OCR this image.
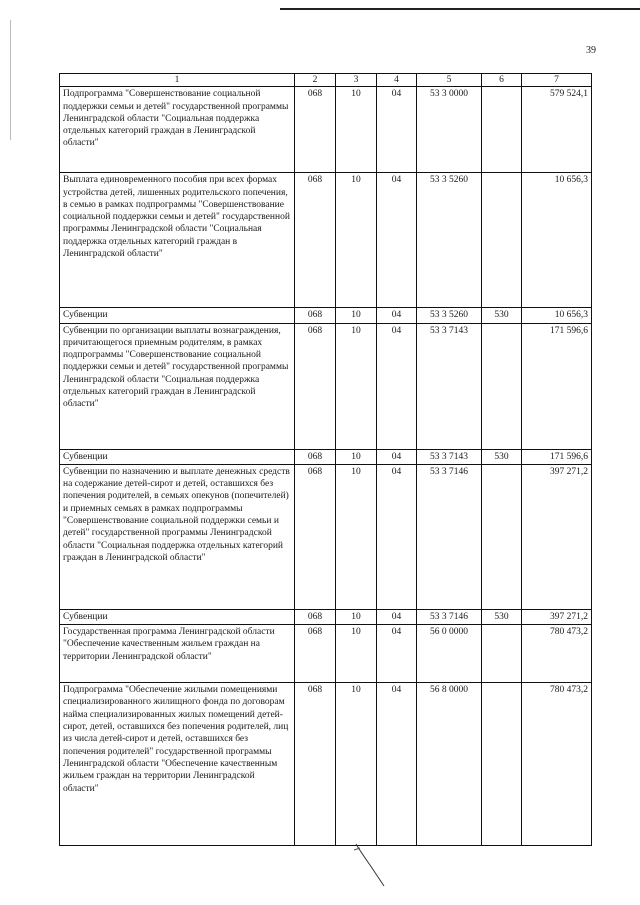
39
1	2	3	4	5	6	7
Подпрограмма "Совершенствование социальной поддержки семьи и детей" государственной программы Ленинградской области "Социальная поддержка отдельных категорий граждан в Ленинградской области"	068	10	04	53 3 0000		579 524,1
Выплата единовременного пособия при всех формах устройства детей, лишенных родительского попечения, в семью в рамках подпрограммы "Совершенствование социальной поддержки семьи и детей" государственной программы Ленинградской области "Социальная поддержка отдельных категорий граждан в Ленинградской области"	068	10	04	53 3 5260		10 656,3
Субвенции	068	10	04	53 3 5260	530	10 656,3
Субвенции по организации выплаты вознаграждения, причитающегося приемным родителям, в рамках подпрограммы "Совершенствование социальной поддержки семьи и детей" государственной программы Ленинградской области "Социальная поддержка отдельных категорий граждан в Ленинградской области"	068	10	04	53 3 7143		171 596,6
Субвенции	068	10	04	53 3 7143	530	171 596,6
Субвенции по назначению и выплате денежных средств на содержание детей-сирот и детей, оставшихся без попечения родителей, в семьях опекунов (попечителей) и приемных семьях в рамках подпрограммы "Совершенствование социальной поддержки семьи и детей" государственной программы Ленинградской области "Социальная поддержка отдельных категорий граждан в Ленинградской области"	068	10	04	53 3 7146		397 271,2
Субвенции	068	10	04	53 3 7146	530	397 271,2
Государственная программа Ленинградской области "Обеспечение качественным жильем граждан на территории Ленинградской области"	068	10	04	56 0 0000		780 473,2
Подпрограмма "Обеспечение жилыми помещениями специализированного жилищного фонда по договорам найма специализированных жилых помещений детей-сирот, детей, оставшихся без попечения родителей, лиц из числа детей-сирот и детей, оставшихся без попечения родителей" государственной программы Ленинградской области "Обеспечение качественным жильем граждан на территории Ленинградской области"	068	10	04	56 8 0000		780 473,2
